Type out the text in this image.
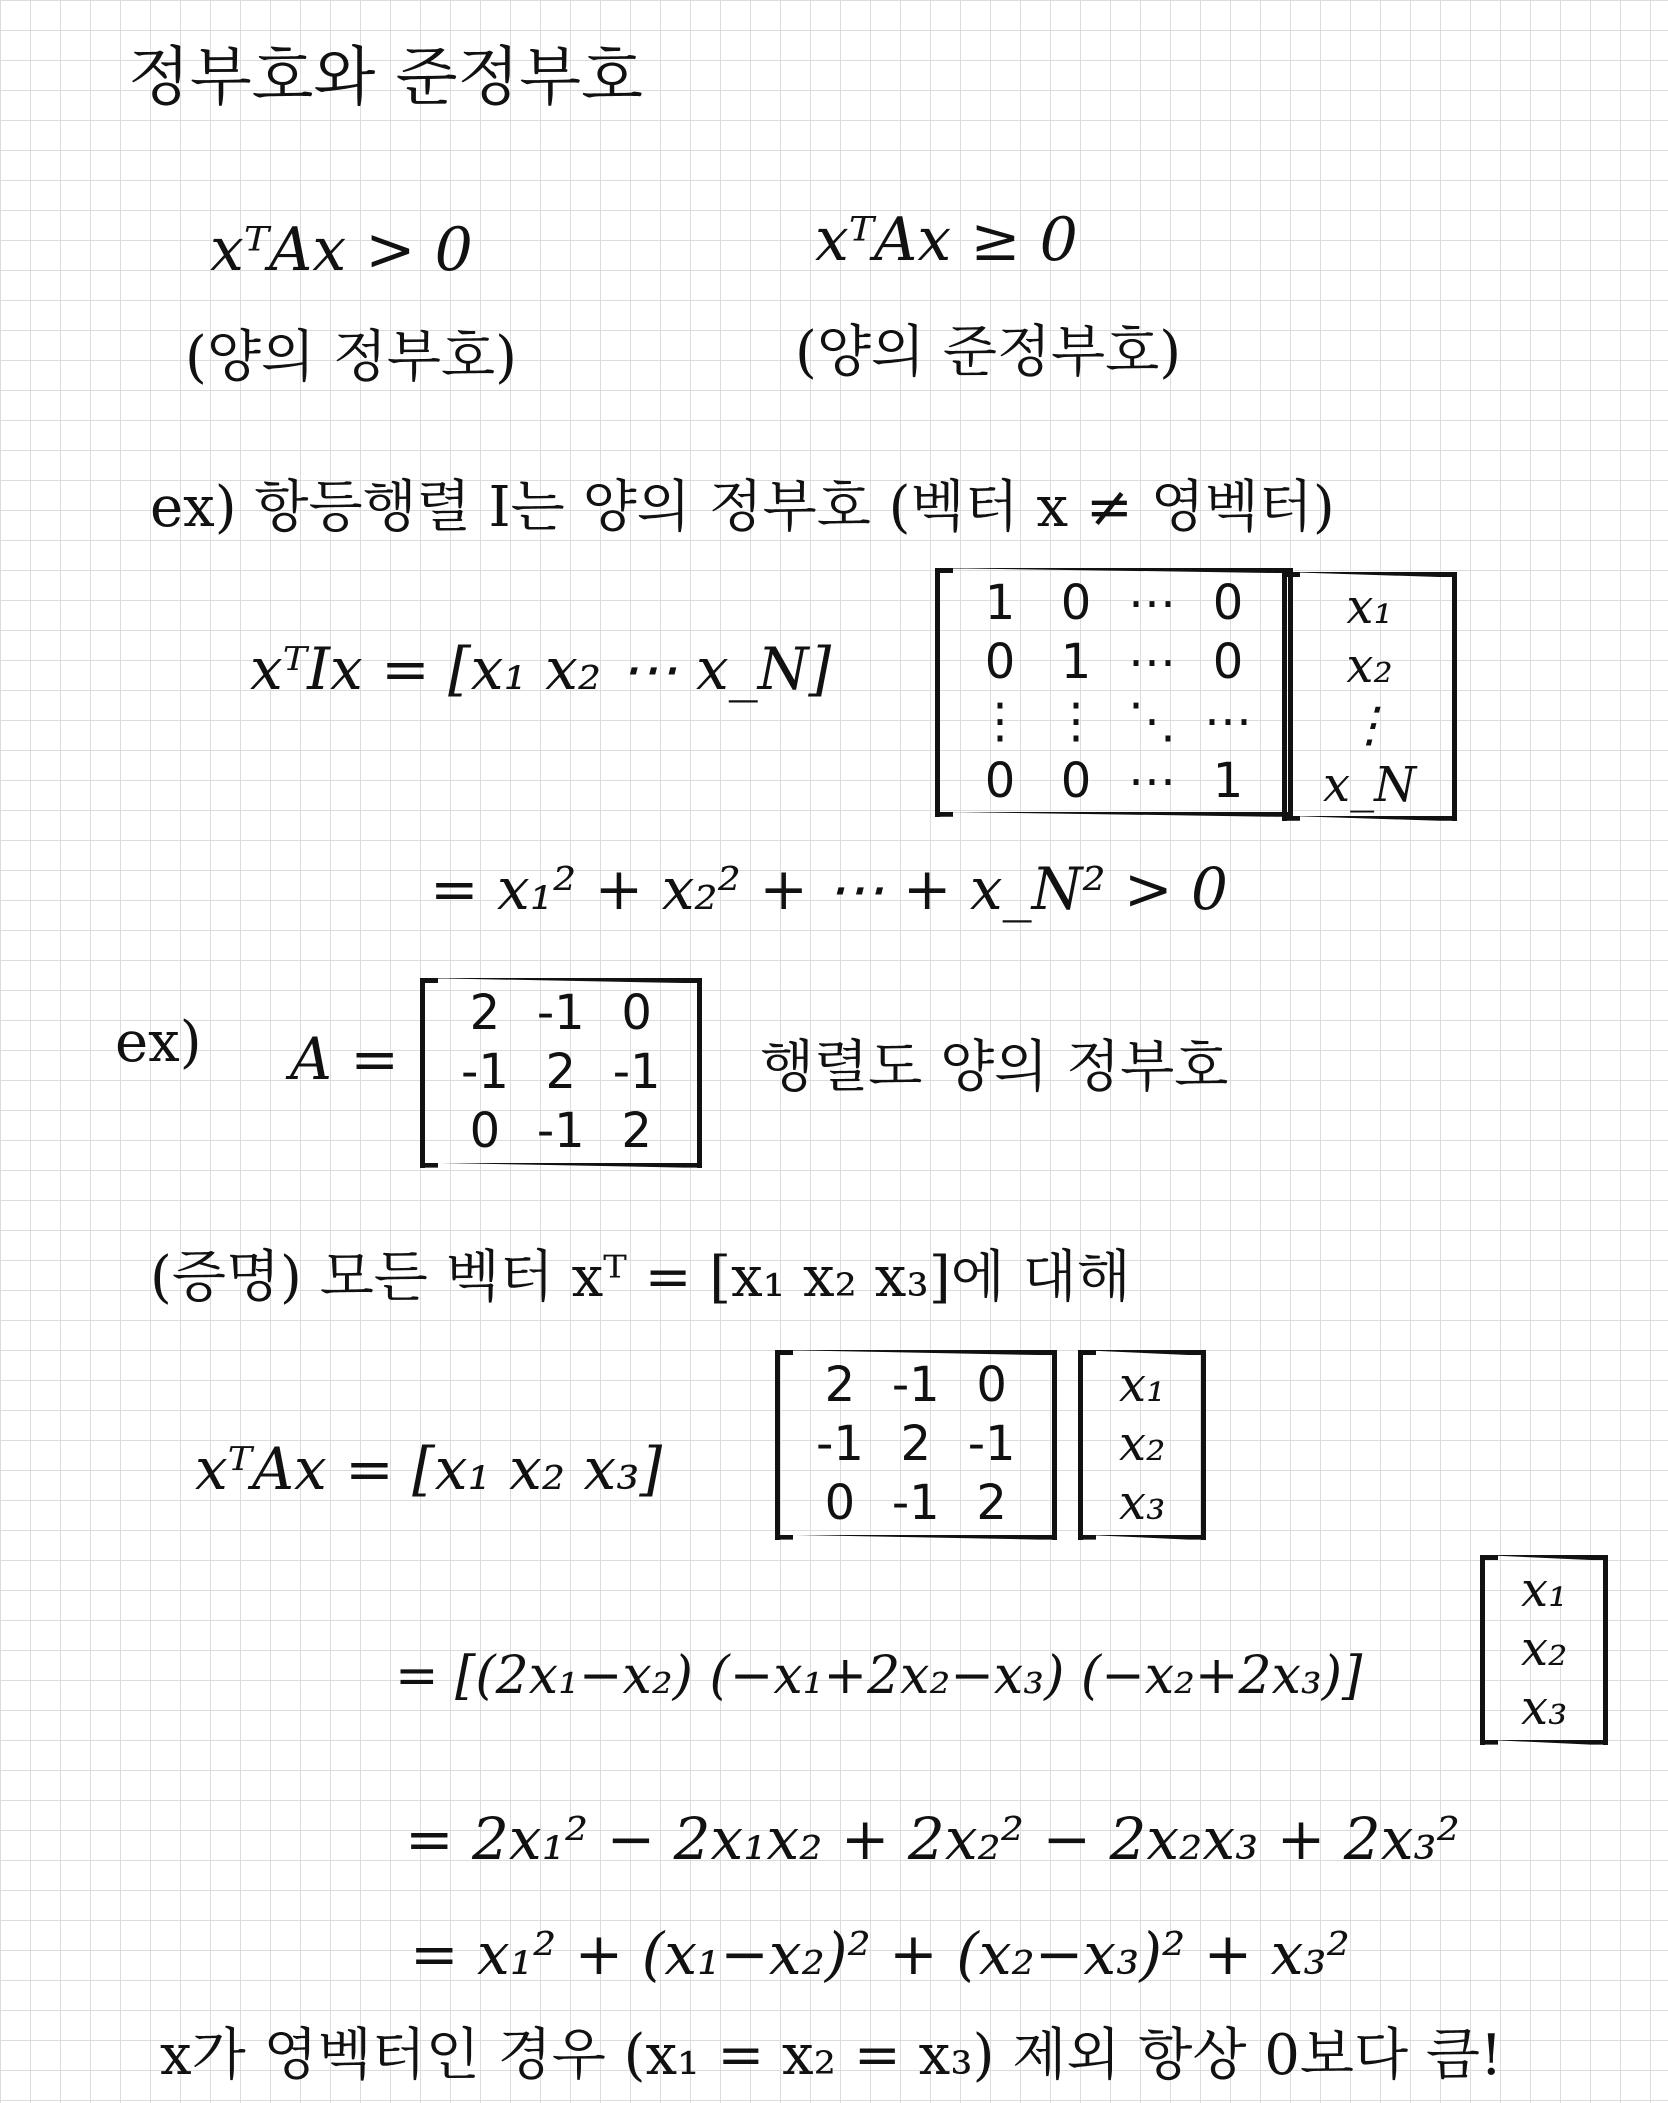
정부호와 준정부호
xᵀAx > 0
(양의 정부호)
xᵀAx ≥ 0
(양의 준정부호)
ex) 항등행렬 I는 양의 정부호 (벡터 x ≠ 영벡터)
xᵀIx = [x₁ x₂ ⋯ x_N]
1	0	⋯	0
0	1	⋯	0
⋮	⋮	⋱	⋯
0	0	⋯	1
x₁
x₂
⋮
x_N
= x₁² + x₂² + ⋯ + x_N² > 0
ex) A =
2	-1	0
-1	2	-1
0	-1	2
행렬도 양의 정부호
(증명) 모든 벡터 xᵀ = [x₁ x₂ x₃]에 대해
xᵀAx = [x₁ x₂ x₃]
2	-1	0
-1	2	-1
0	-1	2
x₁
x₂
x₃
= [(2x₁−x₂) (−x₁+2x₂−x₃) (−x₂+2x₃)]
x₁
x₂
x₃
= 2x₁² − 2x₁x₂ + 2x₂² − 2x₂x₃ + 2x₃²
= x₁² + (x₁−x₂)² + (x₂−x₃)² + x₃²
x가 영벡터인 경우 (x₁ = x₂ = x₃) 제외 항상 0보다 큼!
